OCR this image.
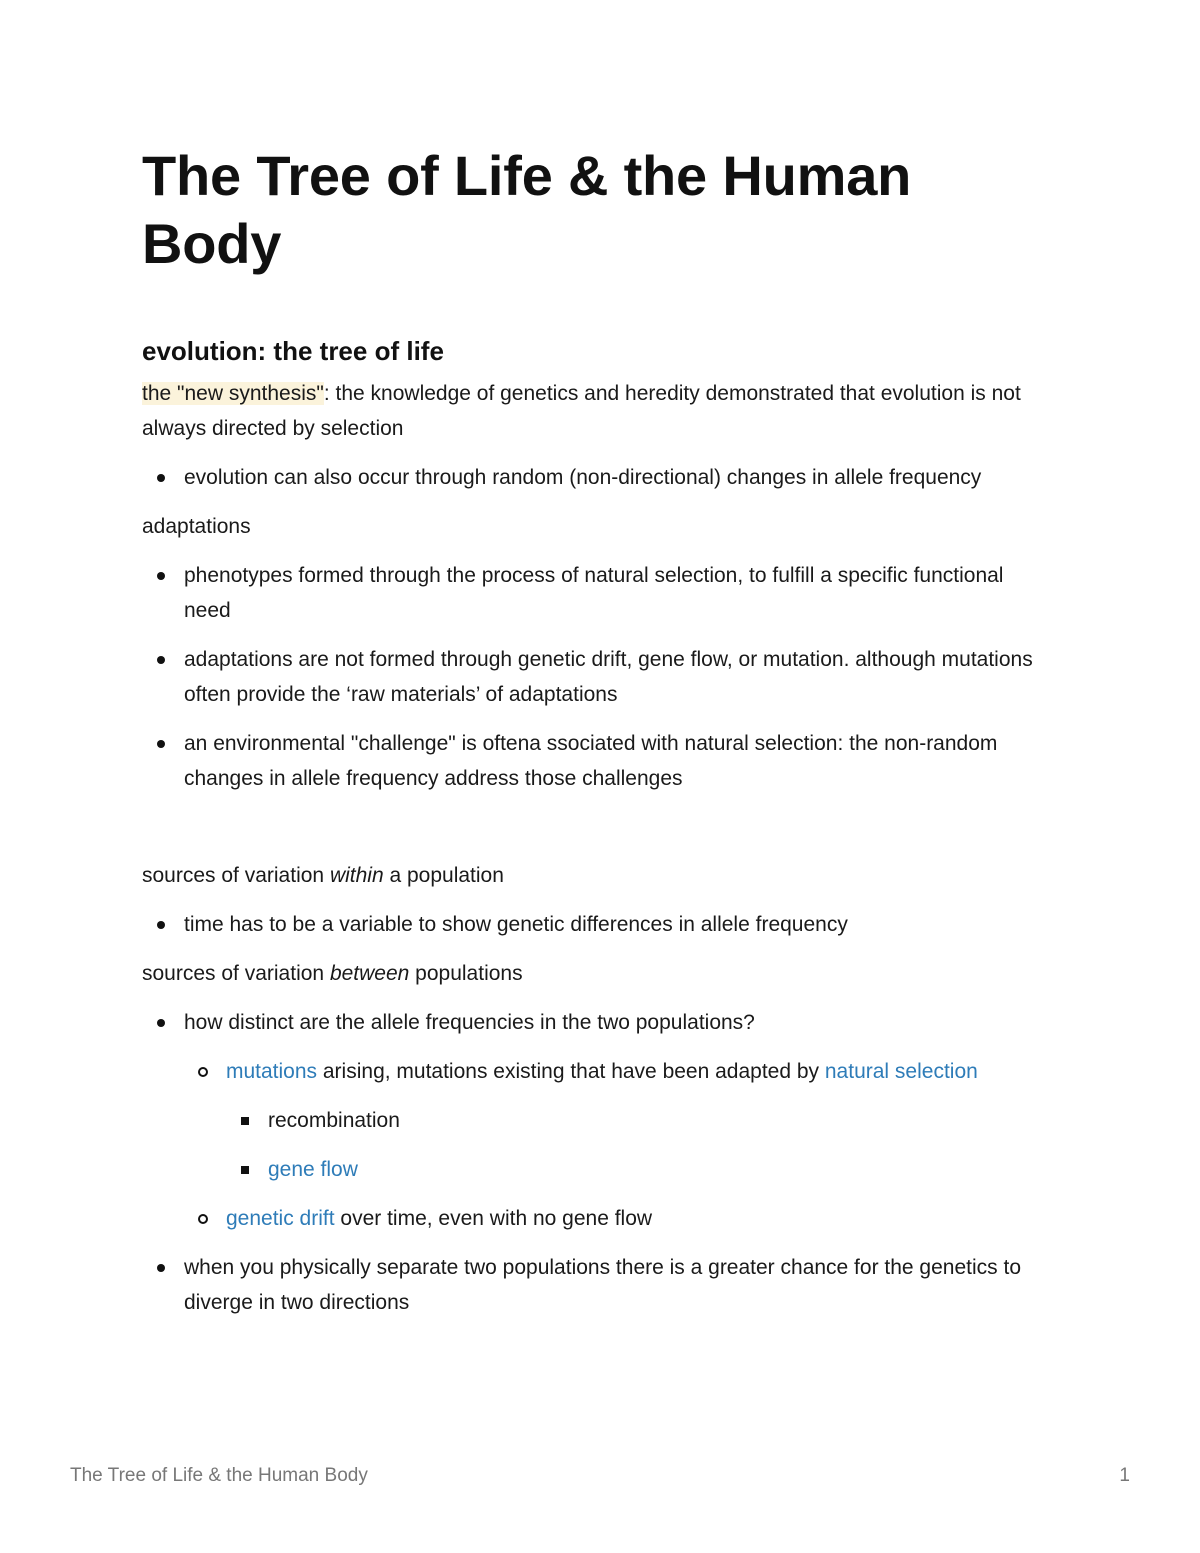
The Tree of Life & the Human Body
evolution: the tree of life

the "new synthesis": the knowledge of genetics and heredity demonstrated that evolution is not always directed by selection

evolution can also occur through random (non-directional) changes in allele frequency

adaptations

phenotypes formed through the process of natural selection, to fulfill a specific functional need
adaptations are not formed through genetic drift, gene flow, or mutation. although mutations often provide the ‘raw materials’ of adaptations
an environmental "challenge" is oftena ssociated with natural selection: the non-random changes in allele frequency address those challenges

sources of variation within a population

time has to be a variable to show genetic differences in allele frequency

sources of variation between populations

how distinct are the allele frequencies in the two populations?
mutations arising, mutations existing that have been adapted by natural selection
recombination
gene flow
genetic drift over time, even with no gene flow
when you physically separate two populations there is a greater chance for the genetics to diverge in two directions
The Tree of Life & the Human Body	1
